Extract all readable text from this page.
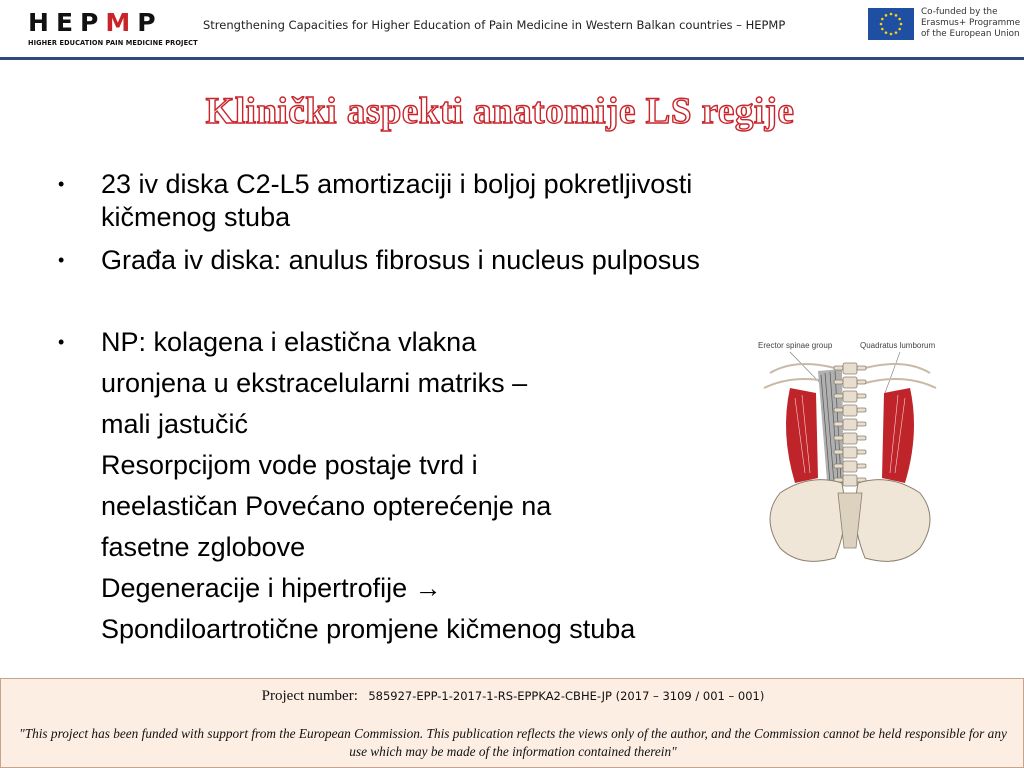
HEPMP
HIGHER EDUCATION PAIN MEDICINE PROJECT
Strengthening Capacities for Higher Education of Pain Medicine in Western Balkan countries – HEPMP
Co-funded by the
Erasmus+ Programme
of the European Union
Klinički aspekti anatomije LS regije
•	23 iv diska C2-L5 amortizaciji i boljoj pokretljivosti
kičmenog stuba
•	Građa iv diska: anulus fibrosus i nucleus pulposus
•	NP: kolagena i elastična vlakna
uronjena u ekstracelularni matriks –
mali jastučić
Resorpcijom vode postaje tvrd i
neelastičan Povećano opterećenje na
fasetne zglobove
Degeneracije i hipertrofije →
Spondiloartrotične promjene kičmenog stuba
Erector spinae group	Quadratus lumborum
Project number: 585927-EPP-1-2017-1-RS-EPPKA2-CBHE-JP (2017 – 3109 / 001 – 001)
"This project has been funded with support from the European Commission. This publication reflects the views only of the author, and the Commission cannot be held responsible for any use which may be made of the information contained therein"
